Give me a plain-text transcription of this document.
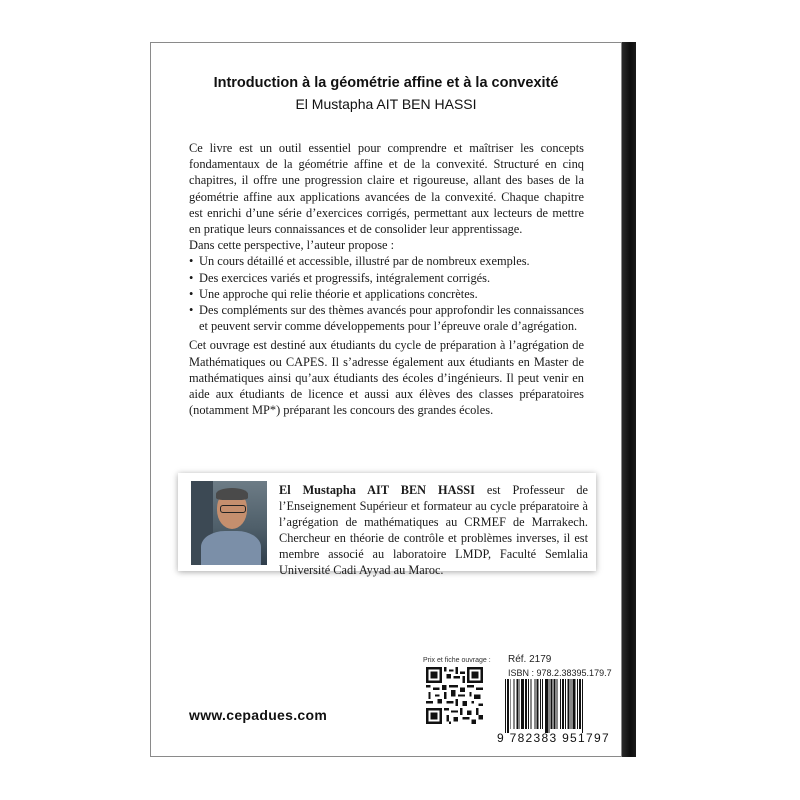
Introduction à la géométrie affine et à la convexité
El Mustapha AIT BEN HASSI

Ce livre est un outil essentiel pour comprendre et maîtriser les concepts fondamentaux de la géométrie affine et de la convexité. Structuré en cinq chapitres, il offre une progression claire et rigoureuse, allant des bases de la géométrie affine aux applications avancées de la convexité. Chaque chapitre est enrichi d’une série d’exercices corrigés, permettant aux lecteurs de mettre en pratique leurs connaissances et de consolider leur apprentissage.

Dans cette perspective, l’auteur propose :

• Un cours détaillé et accessible, illustré par de nombreux exemples.
• Des exercices variés et progressifs, intégralement corrigés.
• Une approche qui relie théorie et applications concrètes.
• Des compléments sur des thèmes avancés pour approfondir les connaissances et peuvent servir comme développements pour l’épreuve orale d’agrégation.

Cet ouvrage est destiné aux étudiants du cycle de préparation à l’agrégation de Mathématiques ou CAPES. Il s’adresse également aux étudiants en Master de mathématiques ainsi qu’aux étudiants des écoles d’ingénieurs. Il peut venir en aide aux étudiants de licence et aussi aux élèves des classes préparatoires (notamment MP*) préparant les concours des grandes écoles.

El Mustapha AIT BEN HASSI est Professeur de l’Enseignement Supérieur et formateur au cycle préparatoire à l’agrégation de mathématiques au CRMEF de Marrakech. Chercheur en théorie de contrôle et problèmes inverses, il est membre associé au laboratoire LMDP, Faculté Semlalia Université Cadi Ayyad au Maroc.
www.cepadues.com
Prix et fiche ouvrage : Réf. 2179
ISBN : 978.2.38395.179.7
9 782383 951797
